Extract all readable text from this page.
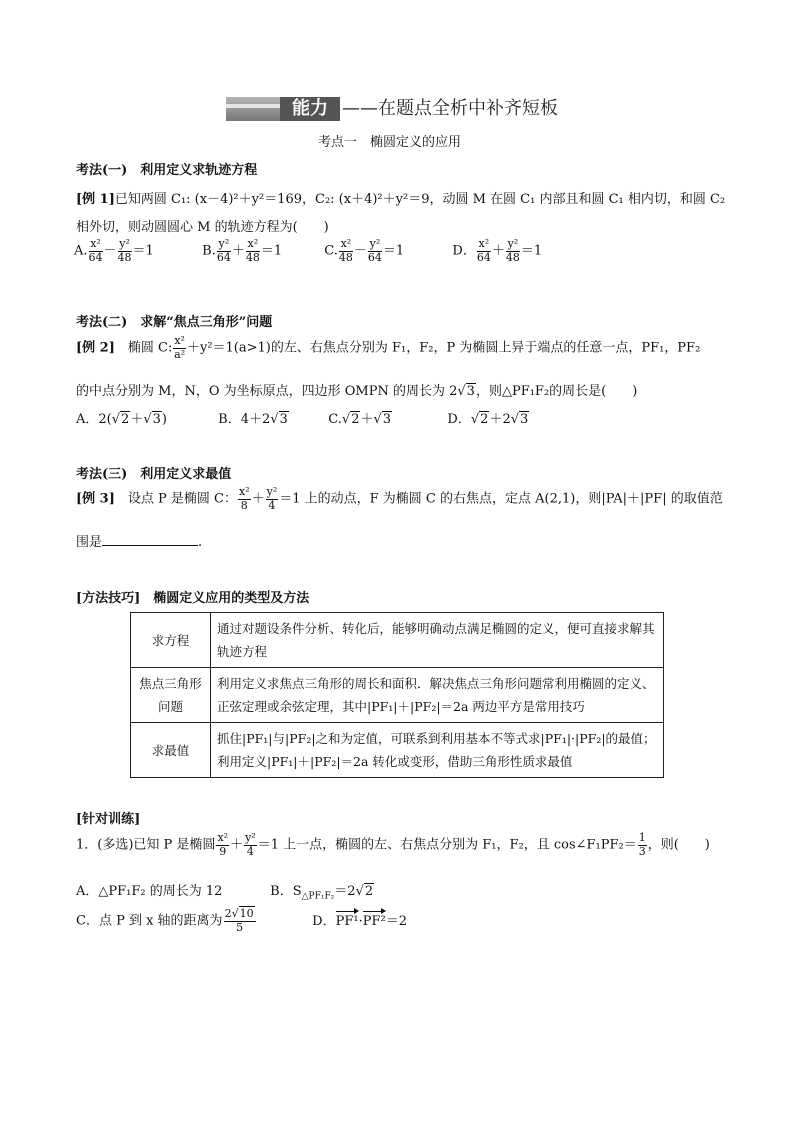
能力 ——在题点全析中补齐短板
考点一　椭圆定义的应用
考法(一)　利用定义求轨迹方程
[例 1]已知两圆 C₁: (x－4)²＋y²＝169，C₂: (x＋4)²＋y²＝9，动圆 M 在圆 C₁ 内部且和圆 C₁ 相内切，和圆 C₂
相外切，则动圆圆心 M 的轨迹方程为(　　)
A. $\frac{\text{x²}}{64} - \frac{\text{y²}}{48} =1$	B. $\frac{\text{y²}}{64} + \frac{\text{x²}}{48} =1$	C. $\frac{\text{x²}}{48} - \frac{\text{y²}}{64} =1$	D． $\frac{\text{x²}}{64} + \frac{\text{y²}}{48} =1$
考法(二)　求解“焦点三角形”问题
[例 2]　椭圆 C: $\frac{\text{x²}}{\text{a²}} +y^2=1(a>1)$的左、右焦点分别为 F₁，F₂，P 为椭圆上异于端点的任意一点，PF₁，PF₂
的中点分别为 M，N，O 为坐标原点，四边形 OMPN 的周长为 2√3，则△PF₁F₂的周长是(　　)
A．2(√2＋√3)	B．4＋2√3	C.√2＋√3	D．√2＋2√3
考法(三)　利用定义求最值
[例 3]　设点 P 是椭圆 C： $\frac{\text{x²}}{8} + \frac{\text{y²}}{4} =1$ 上的动点，F 为椭圆 C 的右焦点，定点 A(2,1)，则|PA|＋|PF| 的取值范
围是	.
[方法技巧]　椭圆定义应用的类型及方法
求方程	通过对题设条件分析、转化后，能够明确动点满足椭圆的定义，便可直接求解其轨迹方程
焦点三角形问题	利用定义求焦点三角形的周长和面积．解决焦点三角形问题常利用椭圆的定义、正弦定理或余弦定理，其中|PF₁|＋|PF₂|＝2a 两边平方是常用技巧
求最值	抓住|PF₁|与|PF₂|之和为定值，可联系到利用基本不等式求|PF₁|·|PF₂|的最值；利用定义|PF₁|＋|PF₂|＝2a 转化或变形，借助三角形性质求最值
[针对训练]
1．(多选)已知 P 是椭圆 $\frac{\text{x²}}{9} + \frac{\text{y²}}{4} =1$ 上一点，椭圆的左、右焦点分别为 F₁，F₂，且 cos∠F₁PF₂＝ $\frac{1}{3}$ ，则(　　)
A．△PF₁F₂ 的周长为 12	B．$S_{\triangle PF_1F_2}=2√2$
C．点 P 到 x 轴的距离为 $\frac{2√10}{5}$	D．PF¹·PF²＝2
